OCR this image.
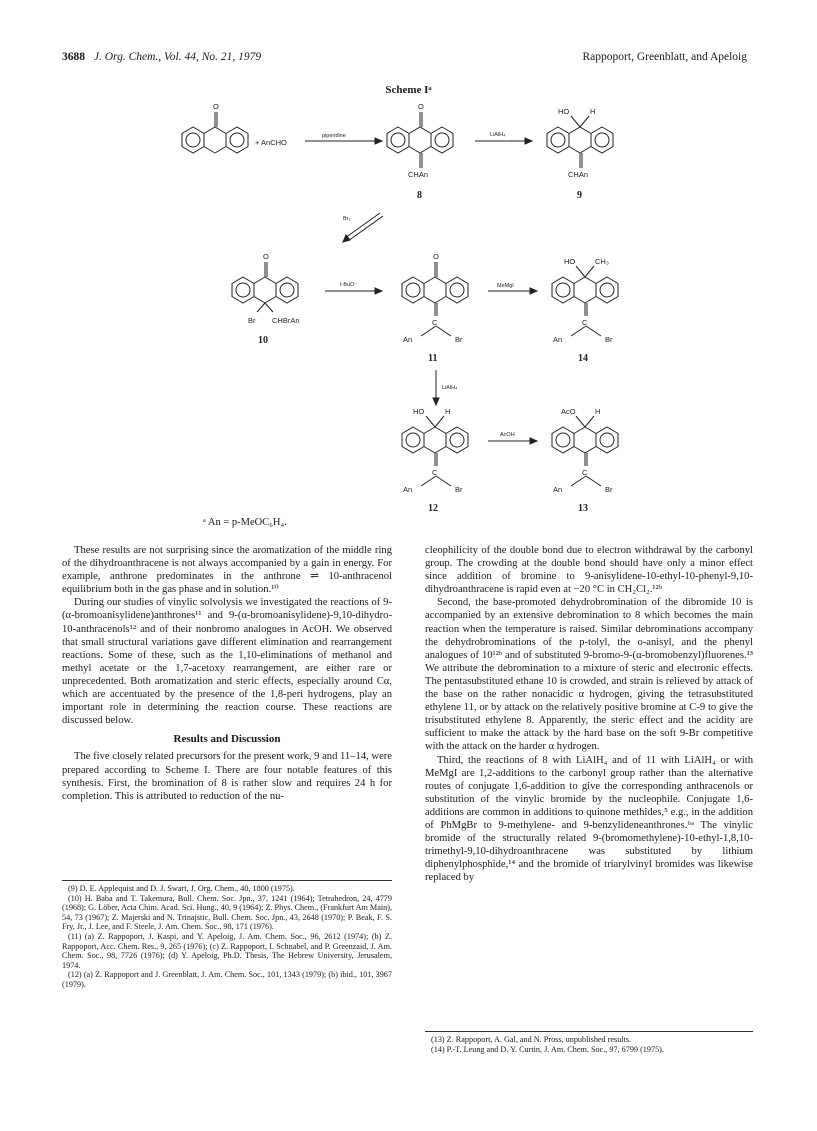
3688 J. Org. Chem., Vol. 44, No. 21, 1979	Rappoport, Greenblatt, and Apeloig
Scheme Iᵃ
O
+ AnCHO
piperidine
O
CHAn
8
LiAlH₄
HO	H
CHAn
9
Br₂
O
Br CHBrAn
10
t-BuO⁻
O
C
An	Br
11
MeMgI
HO	CH₃
C
An	Br
14
LiAlH₄
HO	H
C
An	Br
12
AcOH
AcO	H
C
An	Br
13
ᵃ An = p-MeOC₆H₄.

These results are not surprising since the aromatization of the middle ring of the dihydroanthracene is not always accompanied by a gain in energy. For example, anthrone predominates in the anthrone ⇌ 10-anthracenol equilibrium both in the gas phase and in solution.¹⁰

During our studies of vinylic solvolysis we investigated the reactions of 9-(α-bromoanisylidene)anthrones¹¹ and 9-(α-bromoanisylidene)-9,10-dihydro-10-anthracenols¹² and of their nonbromo analogues in AcOH. We observed that small structural variations gave different elimination and rearrangement reactions. Some of these, such as the 1,10-eliminations of methanol and methyl acetate or the 1,7-acetoxy rearrangement, are either rare or unprecedented. Both aromatization and steric effects, especially around Cα, which are accentuated by the presence of the 1,8-peri hydrogens, play an important role in determining the reaction course. These reactions are discussed below.

Results and Discussion

The five closely related precursors for the present work, 9 and 11–14, were prepared according to Scheme I. There are four notable features of this synthesis. First, the bromination of 8 is rather slow and requires 24 h for completion. This is attributed to reduction of the nu-

cleophilicity of the double bond due to electron withdrawal by the carbonyl group. The crowding at the double bond should have only a minor effect since addition of bromine to 9-anisylidene-10-ethyl-10-phenyl-9,10-dihydroanthracene is rapid even at −20 °C in CH₂Cl₂.¹²ᵇ

Second, the base-promoted dehydrobromination of the dibromide 10 is accompanied by an extensive debromination to 8 which becomes the main reaction when the temperature is raised. Similar debrominations accompany the dehydrobrominations of the p-tolyl, the o-anisyl, and the phenyl analogues of 10¹²ᵇ and of substituted 9-bromo-9-(α-bromobenzyl)fluorenes.¹³ We attribute the debromination to a mixture of steric and electronic effects. The pentasubstituted ethane 10 is crowded, and strain is relieved by attack of the base on the rather nonacidic α hydrogen, giving the tetrasubstituted ethylene 11, or by attack on the relatively positive bromine at C-9 to give the trisubstituted ethylene 8. Apparently, the steric effect and the acidity are sufficient to make the attack by the hard base on the soft 9-Br competitive with the attack on the harder α hydrogen.

Third, the reactions of 8 with LiAlH₄ and of 11 with LiAlH₄ or with MeMgI are 1,2-additions to the carbonyl group rather than the alternative routes of conjugate 1,6-addition to give the corresponding anthracenols or substitution of the vinylic bromide by the nucleophile. Conjugate 1,6-additions are common in additions to quinone methides,⁵ e.g., in the addition of PhMgBr to 9-methylene- and 9-benzylideneanthrones.⁶ᵃ The vinylic bromide of the structurally related 9-(bromomethylene)-10-ethyl-1,8,10-trimethyl-9,10-dihydroanthracene was substituted by lithium diphenylphosphide,¹⁴ and the bromide of triarylvinyl bromides was likewise replaced by

(9) D. E. Applequist and D. J. Swart, J. Org. Chem., 40, 1800 (1975).

(10) H. Baba and T. Takemura, Bull. Chem. Soc. Jpn., 37, 1241 (1964); Tetrahedron, 24, 4779 (1968); G. Löber, Acta Chim. Acad. Sci. Hung., 40, 9 (1964); Z. Phys. Chem., (Frankfurt Am Main), 54, 73 (1967); Z. Majerski and N. Trinajstic, Bull. Chem. Soc. Jpn., 43, 2648 (1970); P. Beak, F. S. Fry, Jr., J. Lee, and F. Steele, J. Am. Chem. Soc., 98, 171 (1976).

(11) (a) Z. Rappoport, J. Kaspi, and Y. Apeloig, J. Am. Chem. Soc., 96, 2612 (1974); (b) Z. Rappoport, Acc. Chem. Res., 9, 265 (1976); (c) Z. Rappoport, I. Schnabel, and P. Greenzaid, J. Am. Chem. Soc., 98, 7726 (1976); (d) Y. Apeloig, Ph.D. Thesis, The Hebrew University, Jerusalem, 1974.

(12) (a) Z. Rappoport and J. Greenblatt, J. Am. Chem. Soc., 101, 1343 (1979); (b) ibid., 101, 3967 (1979).

(13) Z. Rappoport, A. Gal, and N. Pross, unpublished results.

(14) P.-T. Leung and D. Y. Curtin, J. Am. Chem. Soc., 97, 6799 (1975).
